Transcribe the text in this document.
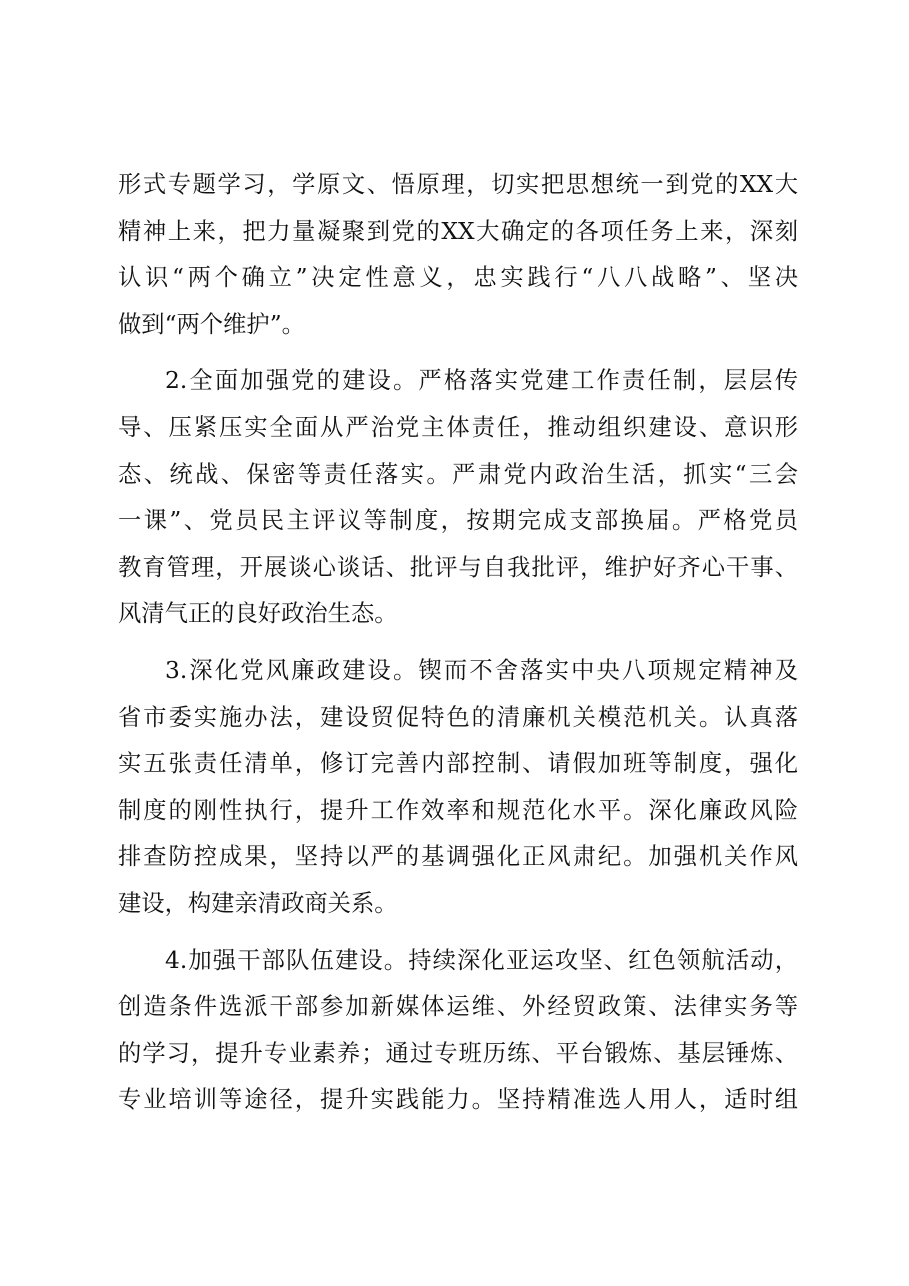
形式专题学习，学原文、悟原理，切实把思想统一到党的XX大
精神上来，把力量凝聚到党的XX大确定的各项任务上来，深刻
认识“两个确立”决定性意义，忠实践行“八八战略”、坚决
做到“两个维护”。
2.全面加强党的建设。严格落实党建工作责任制，层层传
导、压紧压实全面从严治党主体责任，推动组织建设、意识形
态、统战、保密等责任落实。严肃党内政治生活，抓实“三会
一课”、党员民主评议等制度，按期完成支部换届。严格党员
教育管理，开展谈心谈话、批评与自我批评，维护好齐心干事、
风清气正的良好政治生态。
3.深化党风廉政建设。锲而不舍落实中央八项规定精神及
省市委实施办法，建设贸促特色的清廉机关模范机关。认真落
实五张责任清单，修订完善内部控制、请假加班等制度，强化
制度的刚性执行，提升工作效率和规范化水平。深化廉政风险
排查防控成果，坚持以严的基调强化正风肃纪。加强机关作风
建设，构建亲清政商关系。
4.加强干部队伍建设。持续深化亚运攻坚、红色领航活动，
创造条件选派干部参加新媒体运维、外经贸政策、法律实务等
的学习，提升专业素养；通过专班历练、平台锻炼、基层锤炼、
专业培训等途径，提升实践能力。坚持精准选人用人，适时组
